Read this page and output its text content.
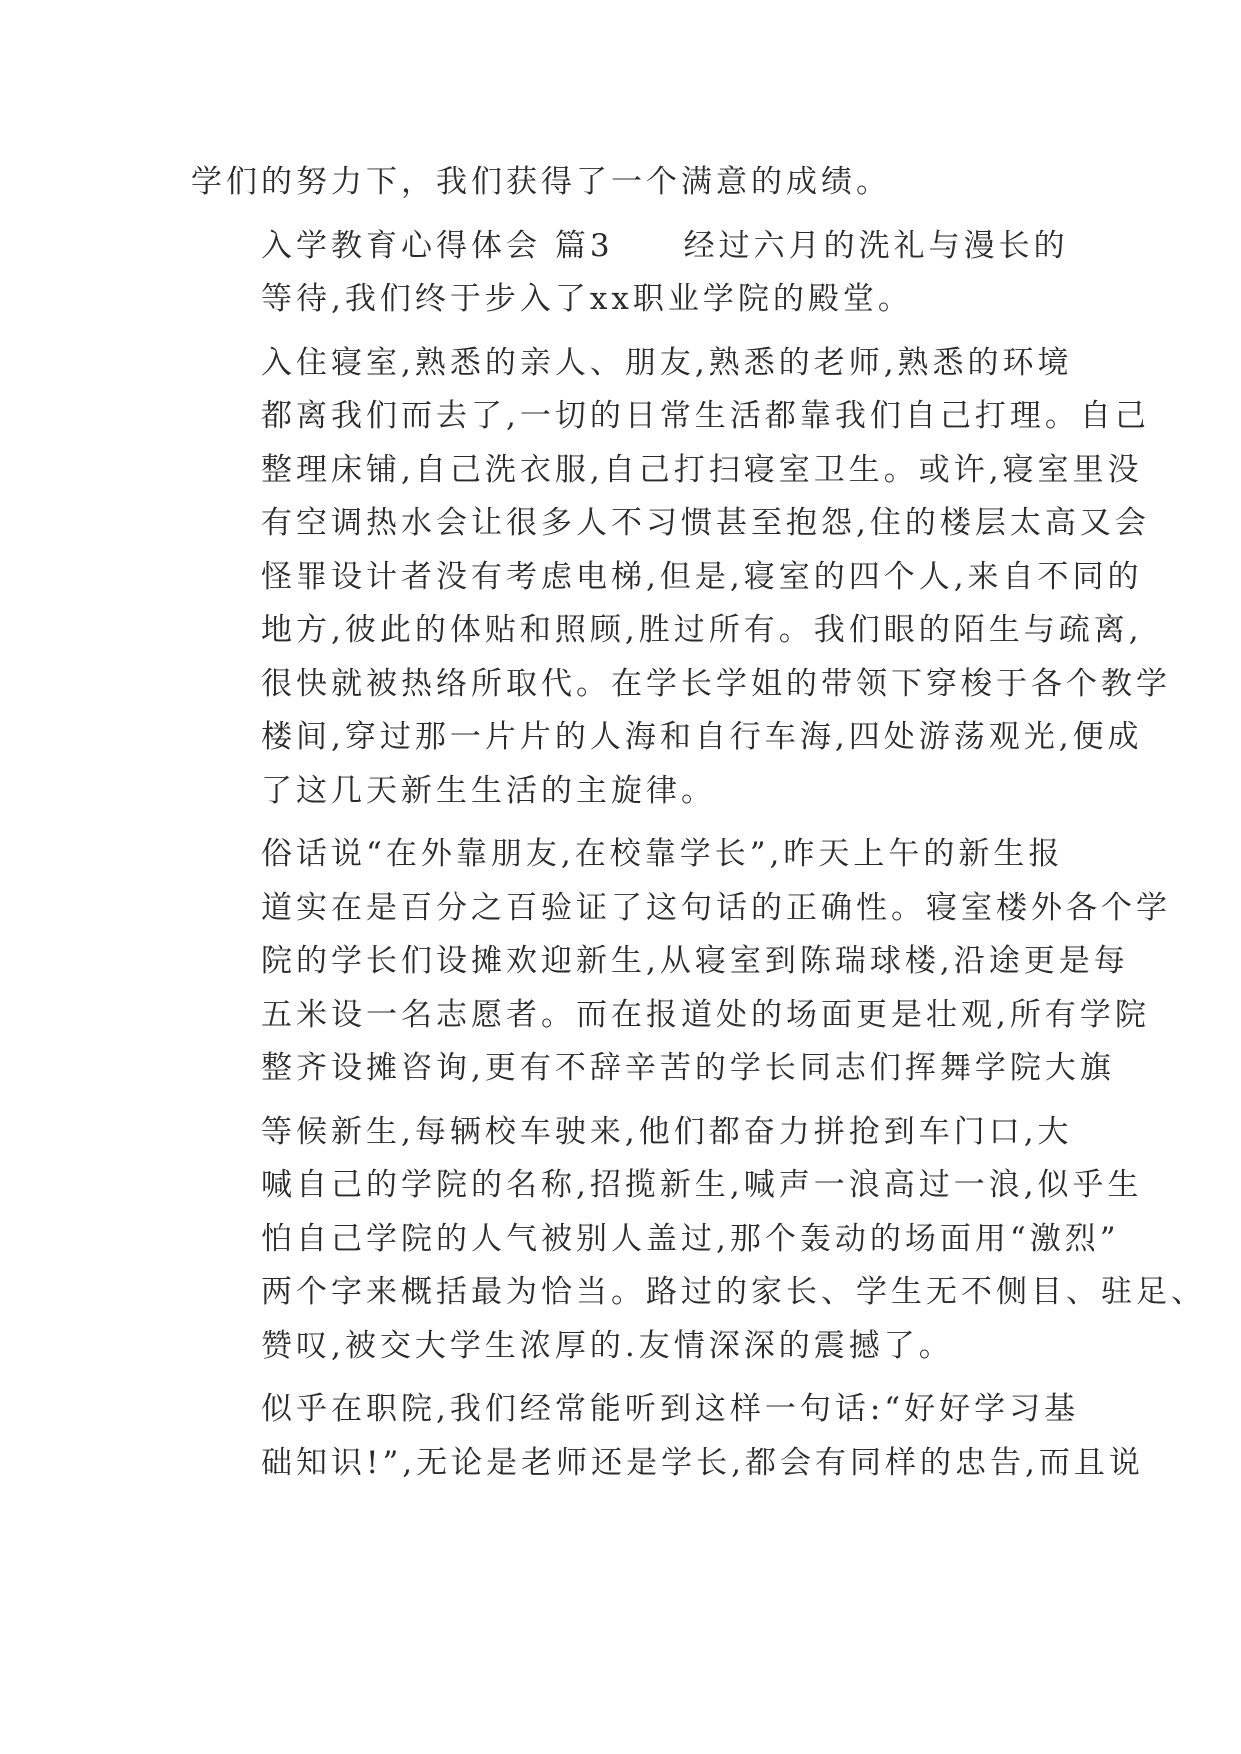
学们的努力下，我们获得了一个满意的成绩。

入学教育心得体会 篇3　　经过六月的洗礼与漫长的
等待,我们终于步入了xx职业学院的殿堂。

入住寝室,熟悉的亲人、朋友,熟悉的老师,熟悉的环境
都离我们而去了,一切的日常生活都靠我们自己打理。自己
整理床铺,自己洗衣服,自己打扫寝室卫生。或许,寝室里没
有空调热水会让很多人不习惯甚至抱怨,住的楼层太高又会
怪罪设计者没有考虑电梯,但是,寝室的四个人,来自不同的
地方,彼此的体贴和照顾,胜过所有。我们眼的陌生与疏离,
很快就被热络所取代。在学长学姐的带领下穿梭于各个教学
楼间,穿过那一片片的人海和自行车海,四处游荡观光,便成
了这几天新生生活的主旋律。

俗话说“在外靠朋友,在校靠学长”,昨天上午的新生报
道实在是百分之百验证了这句话的正确性。寝室楼外各个学
院的学长们设摊欢迎新生,从寝室到陈瑞球楼,沿途更是每
五米设一名志愿者。而在报道处的场面更是壮观,所有学院
整齐设摊咨询,更有不辞辛苦的学长同志们挥舞学院大旗

等候新生,每辆校车驶来,他们都奋力拼抢到车门口,大
喊自己的学院的名称,招揽新生,喊声一浪高过一浪,似乎生
怕自己学院的人气被别人盖过,那个轰动的场面用“激烈”
两个字来概括最为恰当。路过的家长、学生无不侧目、驻足、
赞叹,被交大学生浓厚的.友情深深的震撼了。

似乎在职院,我们经常能听到这样一句话:“好好学习基
础知识!”,无论是老师还是学长,都会有同样的忠告,而且说
